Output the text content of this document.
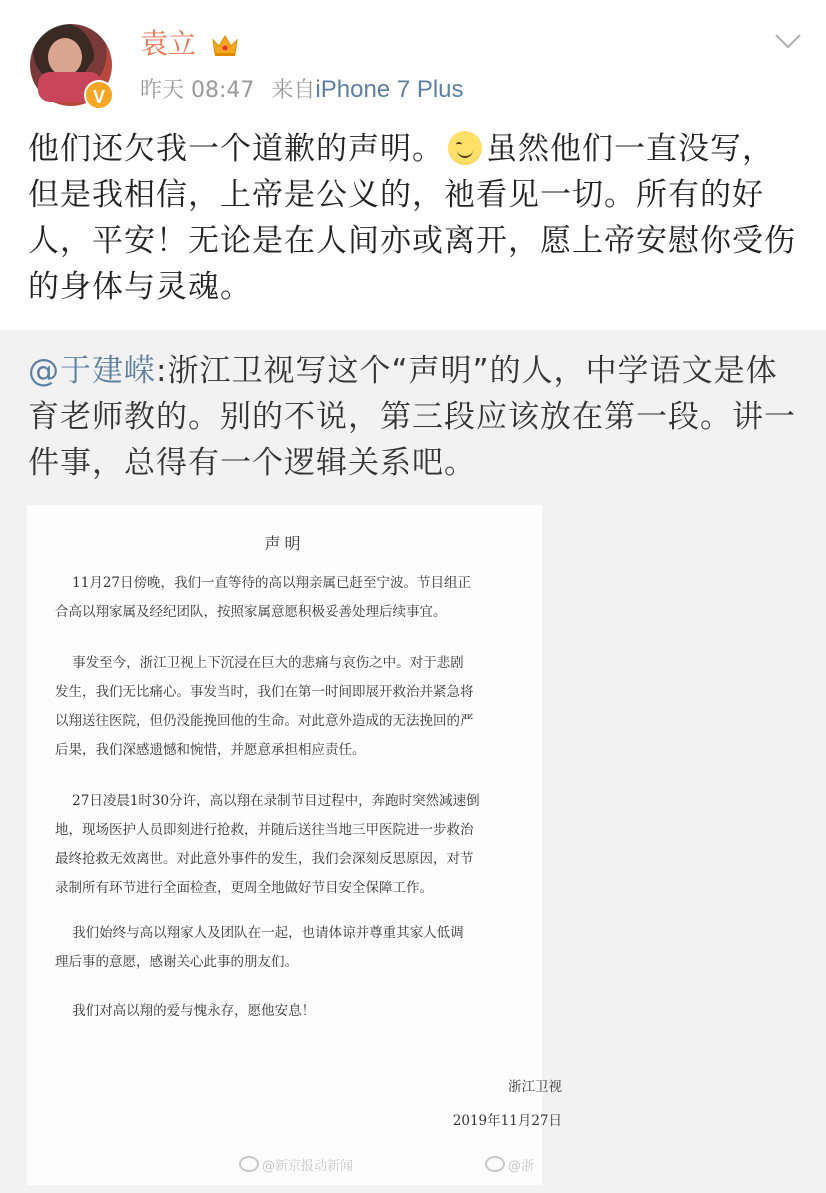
V
袁立
昨天 08:47 来自iPhone 7 Plus
他们还欠我一个道歉的声明。 虽然他们一直没写，但是我相信，上帝是公义的，祂看见一切。所有的好人，平安！无论是在人间亦或离开，愿上帝安慰你受伤的身体与灵魂。
@于建嵘:浙江卫视写这个“声明”的人，中学语文是体育老师教的。别的不说，第三段应该放在第一段。讲一件事，总得有一个逻辑关系吧。
声明
11月27日傍晚，我们一直等待的高以翔亲属已赶至宁波。节目组正
合高以翔家属及经纪团队，按照家属意愿积极妥善处理后续事宜。
事发至今，浙江卫视上下沉浸在巨大的悲痛与哀伤之中。对于悲剧
发生，我们无比痛心。事发当时，我们在第一时间即展开救治并紧急将
以翔送往医院，但仍没能挽回他的生命。对此意外造成的无法挽回的严
后果，我们深感遗憾和惋惜，并愿意承担相应责任。
27日凌晨1时30分许，高以翔在录制节目过程中，奔跑时突然减速倒
地，现场医护人员即刻进行抢救，并随后送往当地三甲医院进一步救治
最终抢救无效离世。对此意外事件的发生，我们会深刻反思原因，对节
录制所有环节进行全面检查，更周全地做好节目安全保障工作。
我们始终与高以翔家人及团队在一起，也请体谅并尊重其家人低调
理后事的意愿，感谢关心此事的朋友们。
我们对高以翔的爱与愧永存，愿他安息！
浙江卫视
2019年11月27日
@新京报动新闻	@浙
